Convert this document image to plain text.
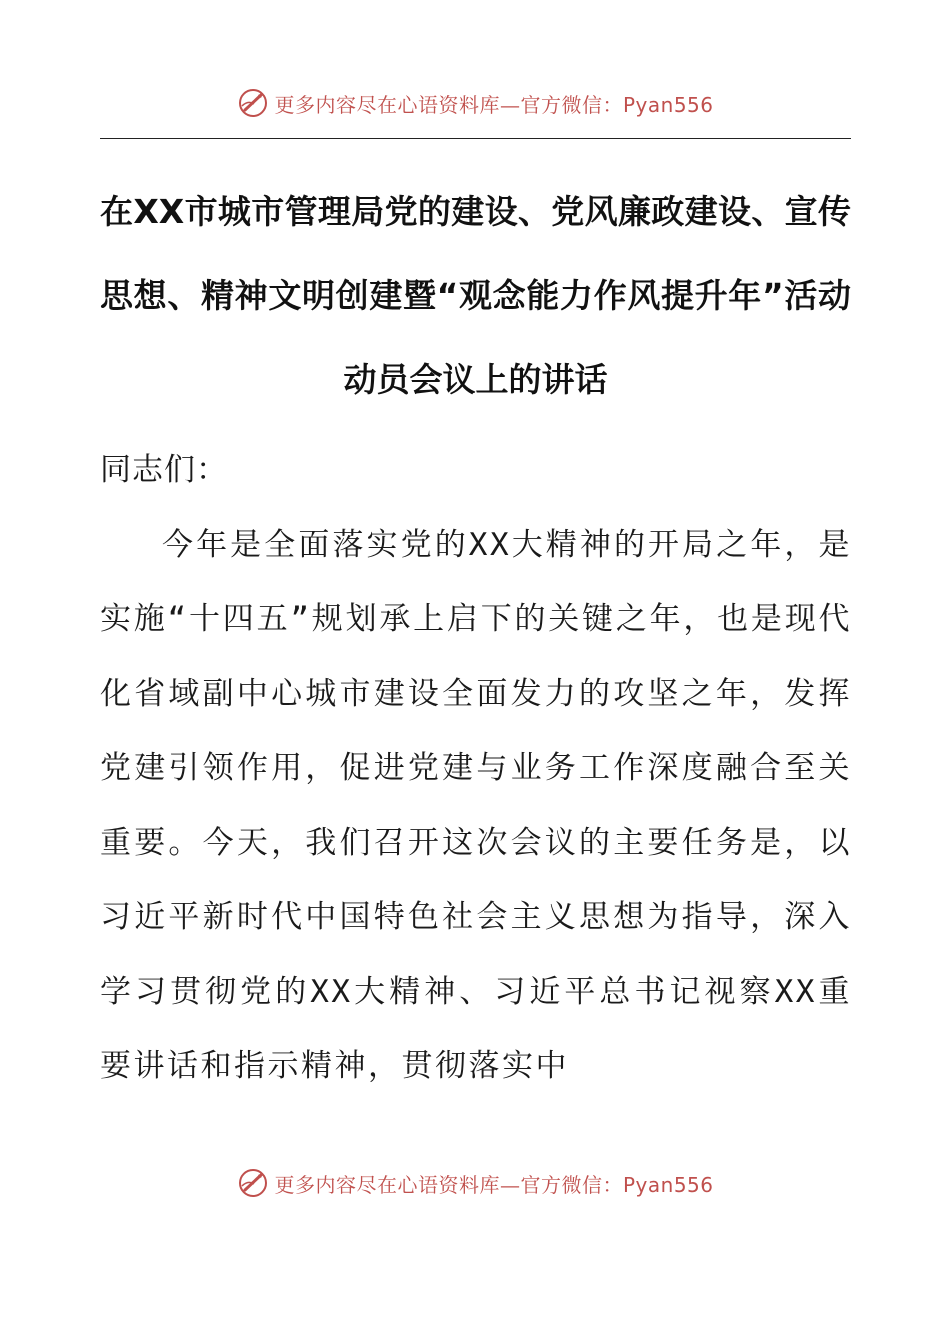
更多内容尽在心语资料库—官方微信：Pyan556
在XX市城市管理局党的建设、党风廉政建设、宣传思想、精神文明创建暨“观念能力作风提升年”活动动员会议上的讲话

同志们：

今年是全面落实党的XX大精神的开局之年，是实施“十四五”规划承上启下的关键之年，也是现代化省域副中心城市建设全面发力的攻坚之年，发挥党建引领作用，促进党建与业务工作深度融合至关重要。今天，我们召开这次会议的主要任务是，以习近平新时代中国特色社会主义思想为指导，深入学习贯彻党的XX大精神、习近平总书记视察XX重要讲话和指示精神，贯彻落实中

更多内容尽在心语资料库—官方微信：Pyan556
